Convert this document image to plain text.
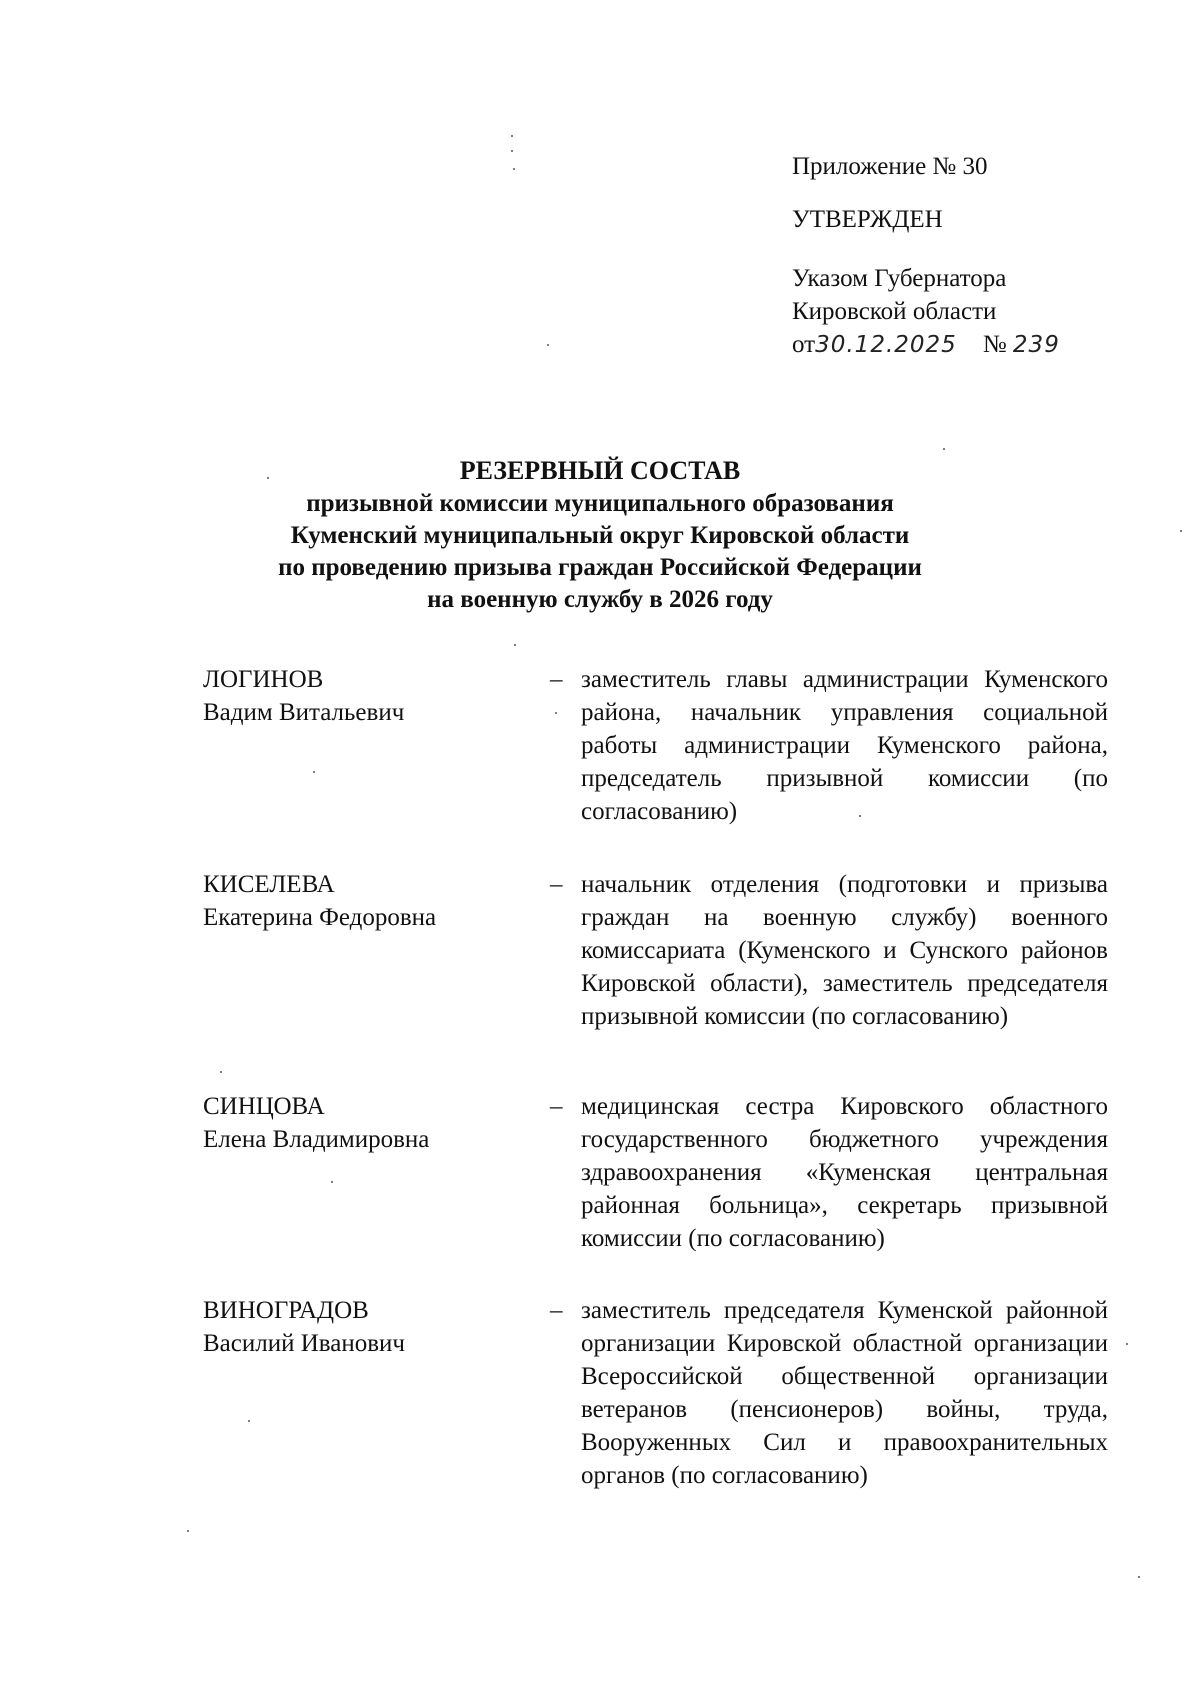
Приложение № 30
УТВЕРЖДЕН
Указом Губернатора
Кировской области
от30.12.2025 № 239
РЕЗЕРВНЫЙ СОСТАВ
призывной комиссии муниципального образования
Куменский муниципальный округ Кировской области
по проведению призыва граждан Российской Федерации
на военную службу в 2026 году
ЛОГИНОВ
Вадим Витальевич
– заместитель главы администрации Куменского района, начальник управления социальной работы администрации Куменского района, председатель призывной комиссии (по согласованию)
КИСЕЛЕВА
Екатерина Федоровна
– начальник отделения (подготовки и призыва граждан на военную службу) военного комиссариата (Куменского и Сунского районов Кировской области), заместитель председателя призывной комиссии (по согласованию)
СИНЦОВА
Елена Владимировна
– медицинская сестра Кировского областного государственного бюджетного учреждения здравоохранения «Куменская центральная районная больница», секретарь призывной комиссии (по согласованию)
ВИНОГРАДОВ
Василий Иванович
– заместитель председателя Куменской районной организации Кировской областной организации Всероссийской общественной организации ветеранов (пенсионеров) войны, труда, Вооруженных Сил и правоохранительных органов (по согласованию)
